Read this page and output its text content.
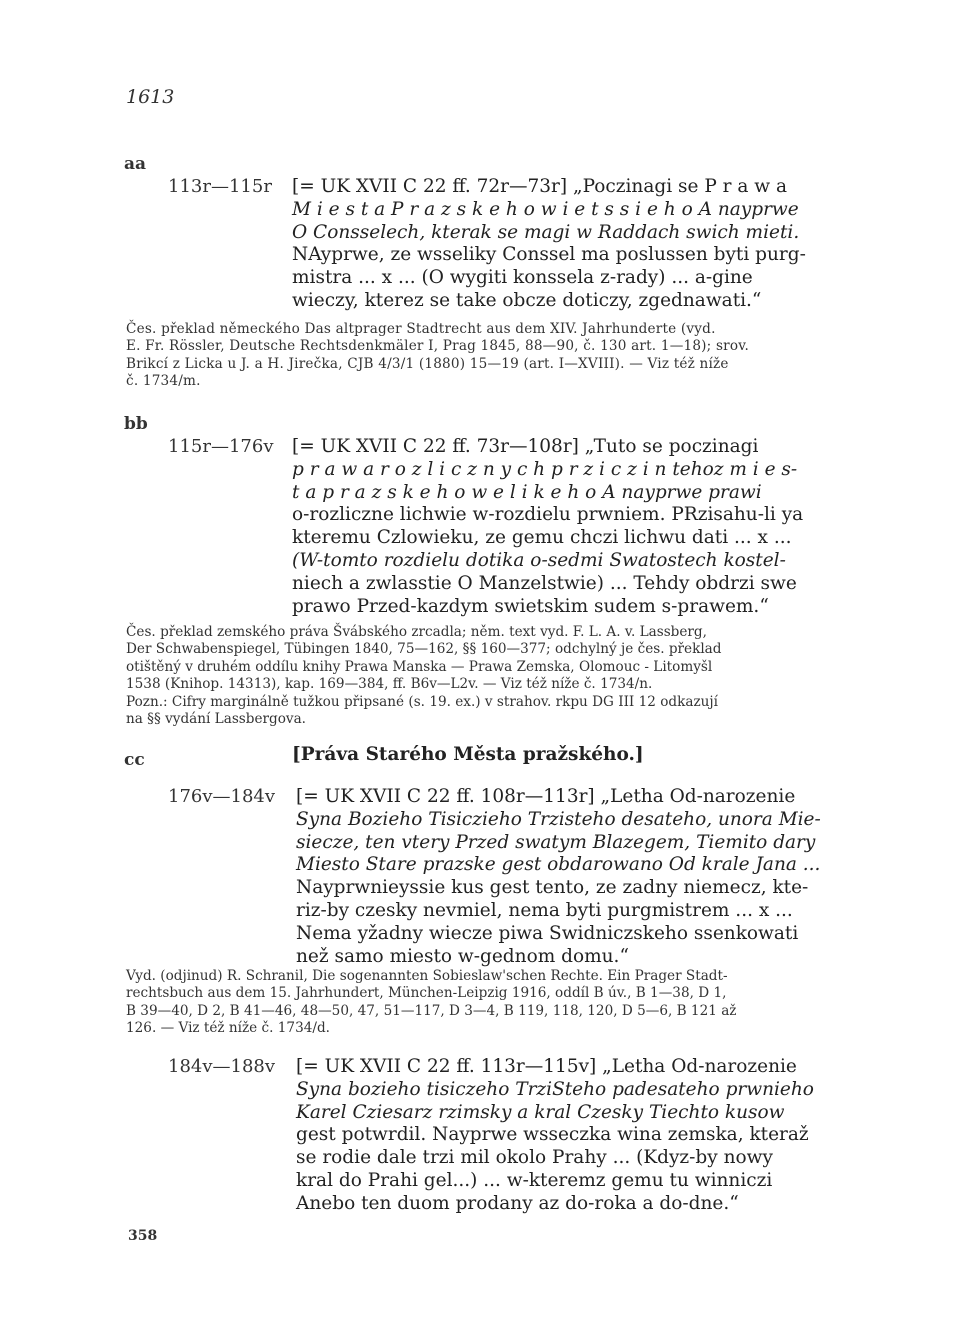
1613
aa
113r—115r [= UK XVII C 22 ff. 72r—73r] „Poczinagi se P r a w a

M i e s t a P r a z s k e h o w i e t s s i e h o A nayprwe

O Consselech, kterak se magi w Raddach swich mieti.

NAyprwe, ze wsseliky Conssel ma poslussen byti purg-

mistra ... x ... (O wygiti konssela z-rady) ... a-gine

wieczy, kterez se take obcze doticzy, zgednawati.“

Čes. překlad německého Das altprager Stadtrecht aus dem XIV. Jahrhunderte (vyd.

E. Fr. Rössler, Deutsche Rechtsdenkmäler I, Prag 1845, 88—90, č. 130 art. 1—18); srov.

Brikcí z Licka u J. a H. Jirečka, CJB 4/3/1 (1880) 15—19 (art. I—XVIII). — Viz též níže

č. 1734/m.

bb
115r—176v [= UK XVII C 22 ff. 73r—108r] „Tuto se poczinagi

p r a w a r o z l i c z n y c h p r z i c z i n tehoz m i e s-

t a p r a z s k e h o w e l i k e h o A nayprwe prawi

o-rozliczne lichwie w-rozdielu prwniem. PRzisahu-li ya

kteremu Czlowieku, ze gemu chczi lichwu dati ... x ...

(W-tomto rozdielu dotika o-sedmi Swatostech kostel-

niech a zwlasstie O Manzelstwie) ... Tehdy obdrzi swe

prawo Przed-kazdym swietskim sudem s-prawem.“

Čes. překlad zemského práva Švábského zrcadla; něm. text vyd. F. L. A. v. Lassberg,

Der Schwabenspiegel, Tübingen 1840, 75—162, §§ 160—377; odchylný je čes. překlad

otištěný v druhém oddílu knihy Prawa Manska — Prawa Zemska, Olomouc - Litomyšl

1538 (Knihop. 14313), kap. 169—384, ff. B6v—L2v. — Viz též níže č. 1734/n.

Pozn.: Cifry marginálně tužkou připsané (s. 19. ex.) v strahov. rkpu DG III 12 odkazují

na §§ vydání Lassbergova.

cc	[Práva Starého Města pražského.]
176v—184v [= UK XVII C 22 ff. 108r—113r] „Letha Od-narozenie

Syna Bozieho Tisicziehо Trzisteho desateho, unora Mie-

siecze, ten vtery Przed swatym Blazegem, Tiemito dary

Miesto Stare prazske gest obdarowano Od krale Jana ...

Nayprwnieyssie kus gest tento, ze zadny niemecz, kte-

riz-by czesky nevmiel, nema byti purgmistrem ... x ...

Nema yžadny wiecze piwa Swidniczskeho ssenkowati

než samo miesto w-gednom domu.“

Vyd. (odjinud) R. Schranil, Die sogenannten Sobieslaw'schen Rechte. Ein Prager Stadt-

rechtsbuch aus dem 15. Jahrhundert, München-Leipzig 1916, oddíl B úv., B 1—38, D 1,

B 39—40, D 2, B 41—46, 48—50, 47, 51—117, D 3—4, B 119, 118, 120, D 5—6, B 121 až

126. — Viz též níže č. 1734/d.

184v—188v [= UK XVII C 22 ff. 113r—115v] „Letha Od-narozenie

Syna bozieho tisiczeho TrziSteho padesateho prwnieho

Karel Cziesarz rzimsky a kral Czesky Tiechto kusow

gest potwrdil. Nayprwe wsseczka wina zemska, kteraž

se rodie dale trzi mil okolo Prahy ... (Kdyz-by nowy

kral do Prahi gel...) ... w-kteremz gemu tu winniczi

Anebo ten duom prodany az do-roka a do-dne.“

358
